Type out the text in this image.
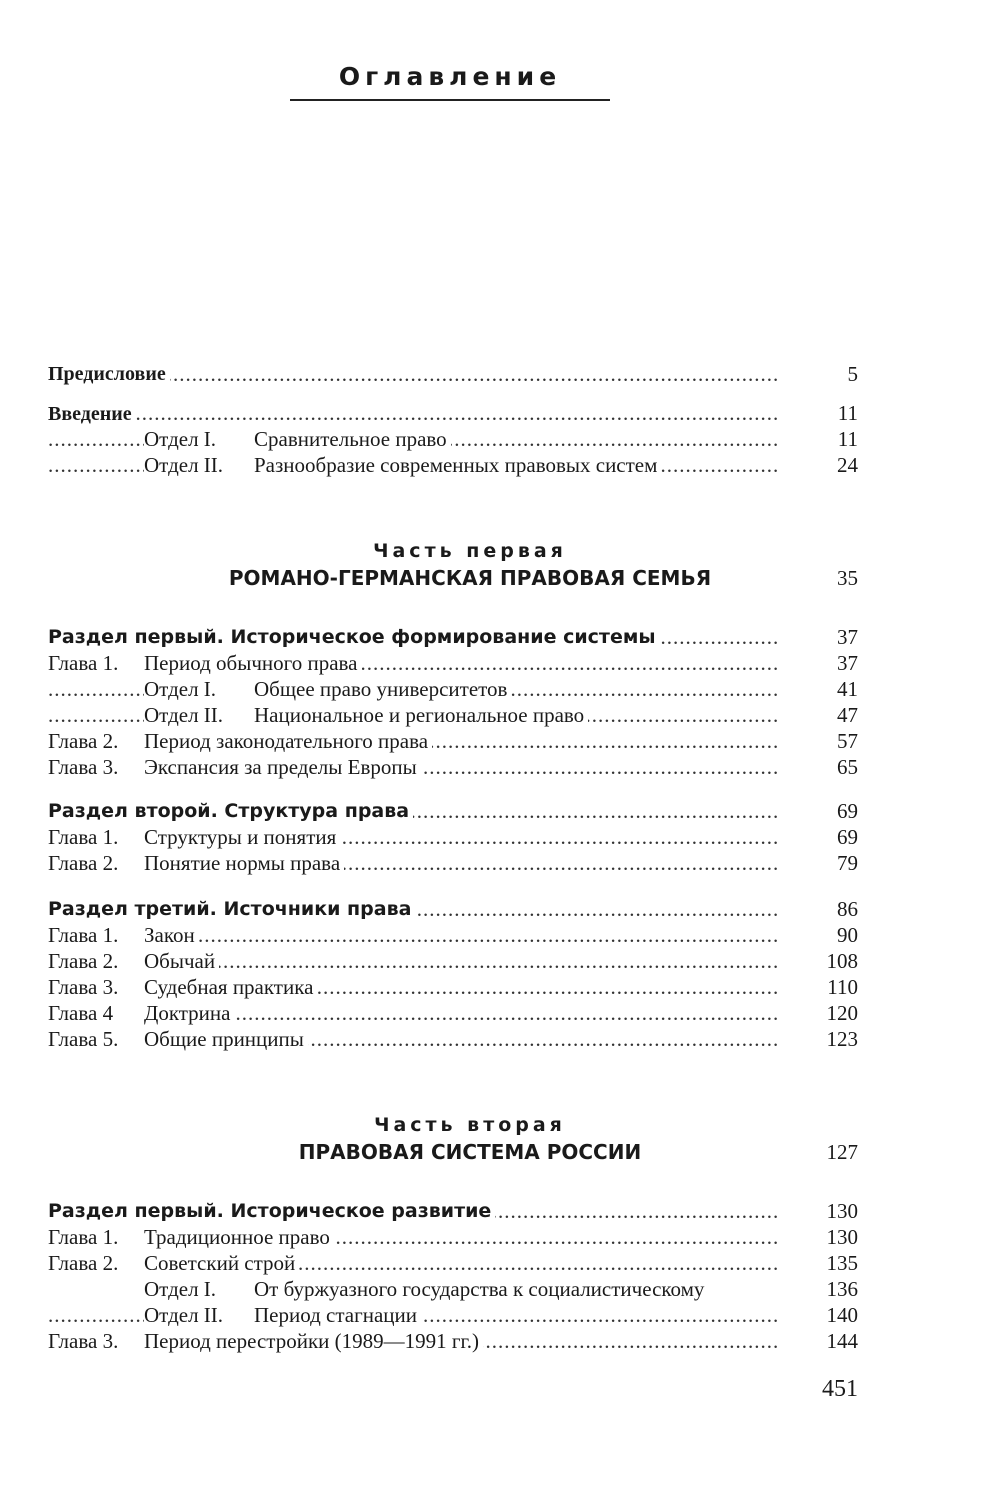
Оглавление
Предисловие .....	5
Введение .....	11
Отдел I. Сравнительное право .....	11
Отдел II. Разнообразие современных правовых систем .....	24
Часть первая
РОМАНО-ГЕРМАНСКАЯ ПРАВОВАЯ СЕМЬЯ	35
Раздел первый. Историческое формирование системы .....	37
Глава 1. Период обычного права .....	37
Отдел I. Общее право университетов .....	41
Отдел II. Национальное и региональное право .....	47
Глава 2. Период законодательного права .....	57
Глава 3. Экспансия за пределы Европы .....	65
Раздел второй. Структура права .....	69
Глава 1. Структуры и понятия .....	69
Глава 2. Понятие нормы права .....	79
Раздел третий. Источники права .....	86
Глава 1. Закон .....	90
Глава 2. Обычай .....	108
Глава 3. Судебная практика .....	110
Глава 4 Доктрина .....	120
Глава 5. Общие принципы .....	123
Часть вторая
ПРАВОВАЯ СИСТЕМА РОССИИ	127
Раздел первый. Историческое развитие .....	130
Глава 1. Традиционное право .....	130
Глава 2. Советский строй .....	135
Отдел I. От буржуазного государства к социалистическому	136
Отдел II. Период стагнации .....	140
Глава 3. Период перестройки (1989—1991 гг.) .....	144
451
